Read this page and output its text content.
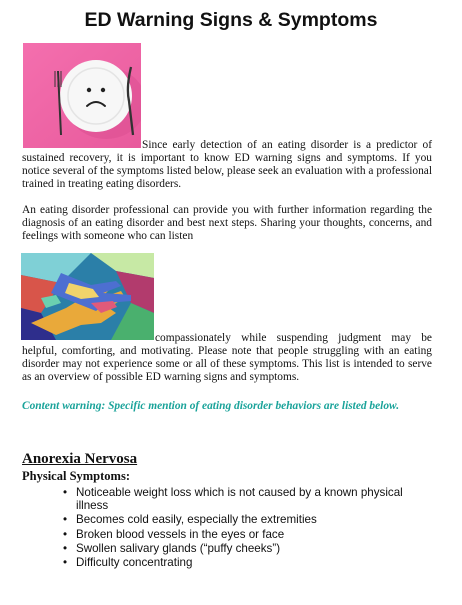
ED Warning Signs & Symptoms
Since early detection of an eating disorder is a predictor of sustained recovery, it is important to know ED warning signs and symptoms. If you notice several of the symptoms listed below, please seek an evaluation with a professional trained in treating eating disorders.
An eating disorder professional can provide you with further information regarding the diagnosis of an eating disorder and best next steps. Sharing your thoughts, concerns, and feelings with someone who can listen
compassionately while suspending judgment may be helpful, comforting, and motivating. Please note that people struggling with an eating disorder may not experience some or all of these symptoms. This list is intended to serve as an overview of possible ED warning signs and symptoms.
Content warning: Specific mention of eating disorder behaviors are listed below.
Anorexia Nervosa
Physical Symptoms:
• Noticeable weight loss which is not caused by a known physical illness
• Becomes cold easily, especially the extremities
• Broken blood vessels in the eyes or face
• Swollen salivary glands (“puffy cheeks”)
• Difficulty concentrating
